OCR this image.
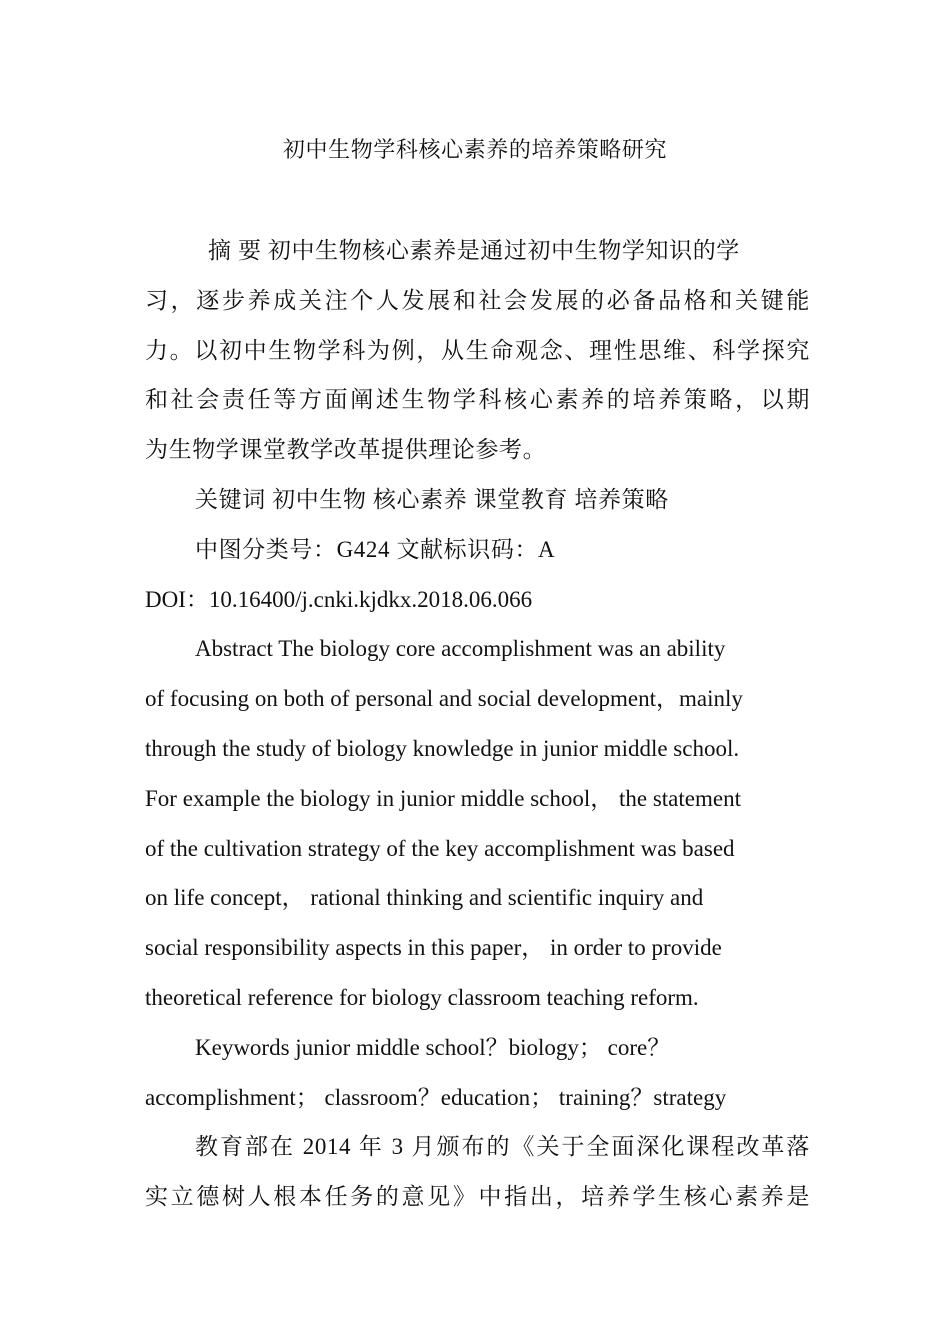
初中生物学科核心素养的培养策略研究
摘 要 初中生物核心素养是通过初中生物学知识的学
习，逐步养成关注个人发展和社会发展的必备品格和关键能
力。以初中生物学科为例，从生命观念、理性思维、科学探究
和社会责任等方面阐述生物学科核心素养的培养策略，以期
为生物学课堂教学改革提供理论参考。
关键词 初中生物 核心素养 课堂教育 培养策略
中图分类号：G424 文献标识码：A
DOI：10.16400/j.cnki.kjdkx.2018.06.066
Abstract The biology core accomplishment was an ability
of focusing on both of personal and social development，mainly
through the study of biology knowledge in junior middle school.
For example the biology in junior middle school， the statement
of the cultivation strategy of the key accomplishment was based
on life concept， rational thinking and scientific inquiry and
social responsibility aspects in this paper， in order to provide
theoretical reference for biology classroom teaching reform.
Keywords junior middle school？biology； core？
accomplishment； classroom？education； training？strategy
教育部在 2014 年 3 月颁布的《关于全面深化课程改革落
实立德树人根本任务的意见》中指出，培养学生核心素养是
